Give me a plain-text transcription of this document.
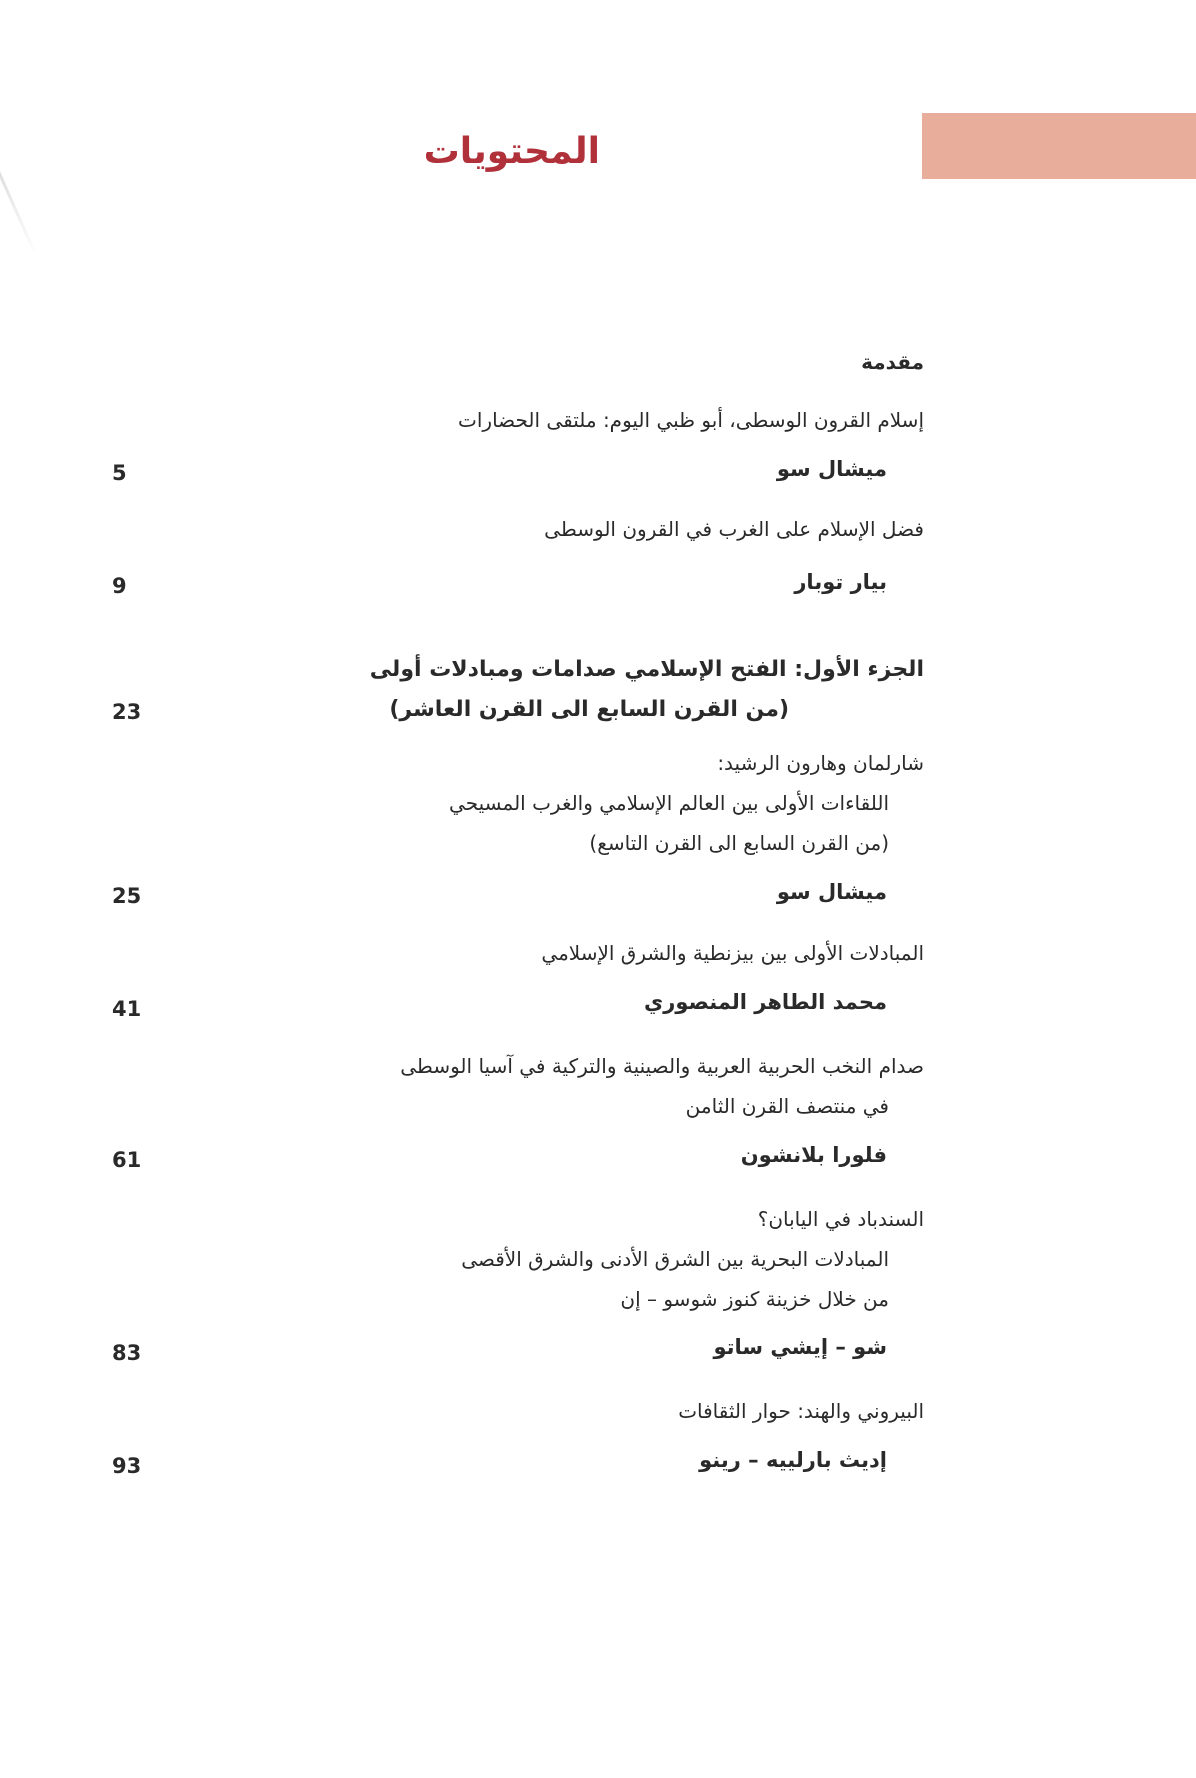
المحتويات
مقدمة
إسلام القرون الوسطى، أبو ظبي اليوم: ملتقى الحضارات
ميشال سو
5
فضل الإسلام على الغرب في القرون الوسطى
بيار توبار
9
الجزء الأول: الفتح الإسلامي صدامات ومبادلات أولى
(من القرن السابع الى القرن العاشر)
23
شارلمان وهارون الرشيد:
اللقاءات الأولى بين العالم الإسلامي والغرب المسيحي
(من القرن السابع الى القرن التاسع)
ميشال سو
25
المبادلات الأولى بين بيزنطية والشرق الإسلامي
محمد الطاهر المنصوري
41
صدام النخب الحربية العربية والصينية والتركية في آسيا الوسطى
في منتصف القرن الثامن
فلورا بلانشون
61
السندباد في اليابان؟
المبادلات البحرية بين الشرق الأدنى والشرق الأقصى
من خلال خزينة كنوز شوسو – إن
شو – إيشي ساتو
83
البيروني والهند: حوار الثقافات
إديث بارلييه – رينو
93
